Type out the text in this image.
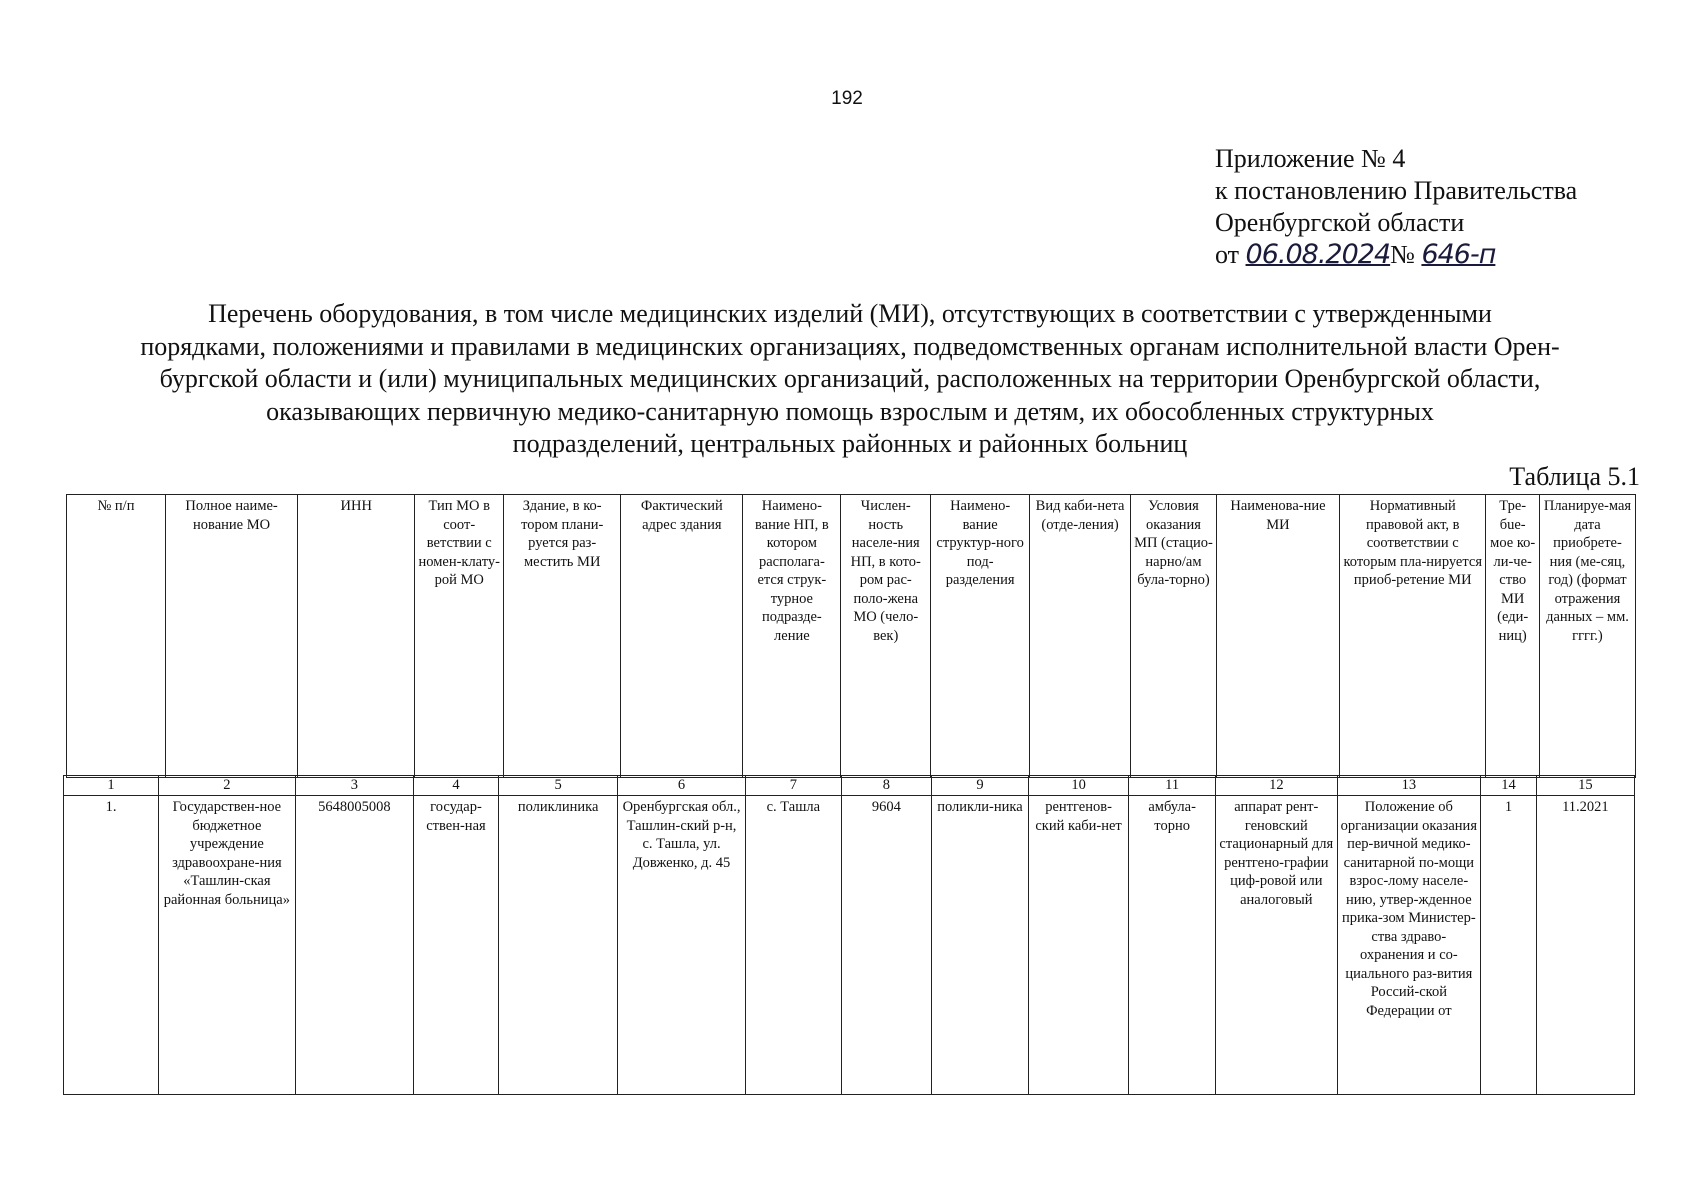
192
Приложение № 4
к постановлению Правительства
Оренбургской области
от 06.08.2024№ 646-п
Перечень оборудования, в том числе медицинских изделий (МИ), отсутствующих в соответствии с утвержденными
порядками, положениями и правилами в медицинских организациях, подведомственных органам исполнительной власти Орен-
бургской области и (или) муниципальных медицинских организаций, расположенных на территории Оренбургской области,
оказывающих первичную медико-санитарную помощь взрослым и детям, их обособленных структурных
подразделений, центральных районных и районных больниц
Таблица 5.1
№ п/п	Полное наиме-нование МО	ИНН	Тип МО в соот-ветствии с номен-клату-рой МО	Здание, в ко-тором плани-руется раз-местить МИ	Фактический адрес здания	Наимено-вание НП, в котором располага-ется струк-турное подразде-ление	Числен-ность населе-ния НП, в кото-ром рас-поло-жена МО (чело-век)	Наимено-вание структур-ного под-разделения	Вид каби-нета (отде-ления)	Условия оказания МП (стацио-нарно/ам була-торно)	Наименова-ние МИ	Нормативный правовой акт, в соответствии с которым пла-нируется приоб-ретение МИ	Тре-бue-мое ко-ли-че-ство МИ (еди-ниц)	Планируе-мая дата приобрете-ния (ме-сяц, год) (формат отражения данных – мм. гггг.)
1	2	3	4	5	6	7	8	9	10	11	12	13	14	15
1.	Государствен-ное бюджетное учреждение здравоохране-ния «Ташлин-ская районная больница»	5648005008	государ-ствен-ная	поликлиника	Оренбургская обл., Ташлин-ский р-н, с. Ташла, ул. Довженко, д. 45	с. Ташла	9604	поликли-ника	рентгенов-ский каби-нет	амбула-торно	аппарат рент-геновский стационарный для рентгено-графии циф-ровой или аналоговый	Положение об организации оказания пер-вичной медико-санитарной по-мощи взрос-лому населе-нию, утвер-жденное прика-зом Министер-ства здраво-охранения и со-циального раз-вития Россий-ской Федерации от	1	11.2021
